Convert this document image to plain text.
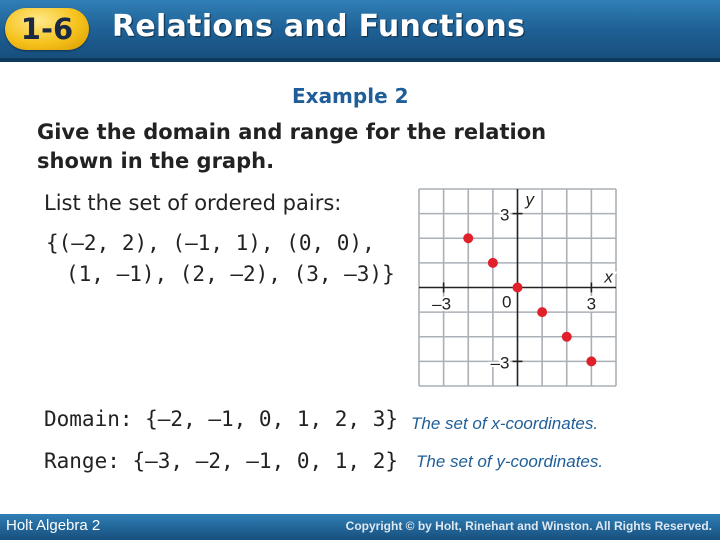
1-6	Relations and Functions
Example 2
Give the domain and range for the relation
shown in the graph.
List the set of ordered pairs:
{(–2, 2), (–1, 1), (0, 0),
(1, –1), (2, –2), (3, –3)}
3
–3
3
–3	0
x
y
Domain: {–2, –1, 0, 1, 2, 3} The set of x-coordinates.
Range: {–3, –2, –1, 0, 1, 2} The set of y-coordinates.
Holt Algebra 2	Copyright © by Holt, Rinehart and Winston. All Rights Reserved.
